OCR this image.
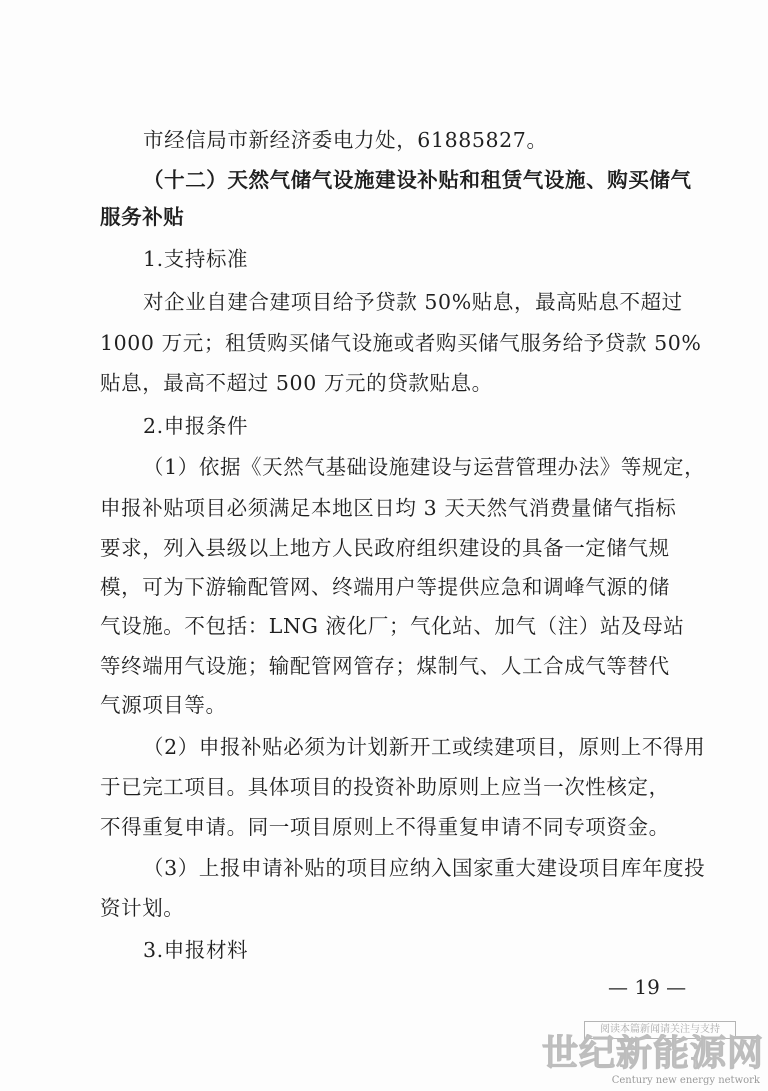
市经信局市新经济委电力处，61885827。
（十二）天然气储气设施建设补贴和租赁气设施、购买储气
服务补贴
1.支持标准
对企业自建合建项目给予贷款 50%贴息，最高贴息不超过
1000 万元；租赁购买储气设施或者购买储气服务给予贷款 50%
贴息，最高不超过 500 万元的贷款贴息。
2.申报条件
（1）依据《天然气基础设施建设与运营管理办法》等规定，
申报补贴项目必须满足本地区日均 3 天天然气消费量储气指标
要求，列入县级以上地方人民政府组织建设的具备一定储气规
模，可为下游输配管网、终端用户等提供应急和调峰气源的储
气设施。不包括：LNG 液化厂；气化站、加气（注）站及母站
等终端用气设施；输配管网管存；煤制气、人工合成气等替代
气源项目等。
（2）申报补贴必须为计划新开工或续建项目，原则上不得用
于已完工项目。具体项目的投资补助原则上应当一次性核定，
不得重复申请。同一项目原则上不得重复申请不同专项资金。
（3）上报申请补贴的项目应纳入国家重大建设项目库年度投
资计划。
3.申报材料
— 19 —
阅读本篇新闻请关注与支持
世纪新能源网
Century new energy network
